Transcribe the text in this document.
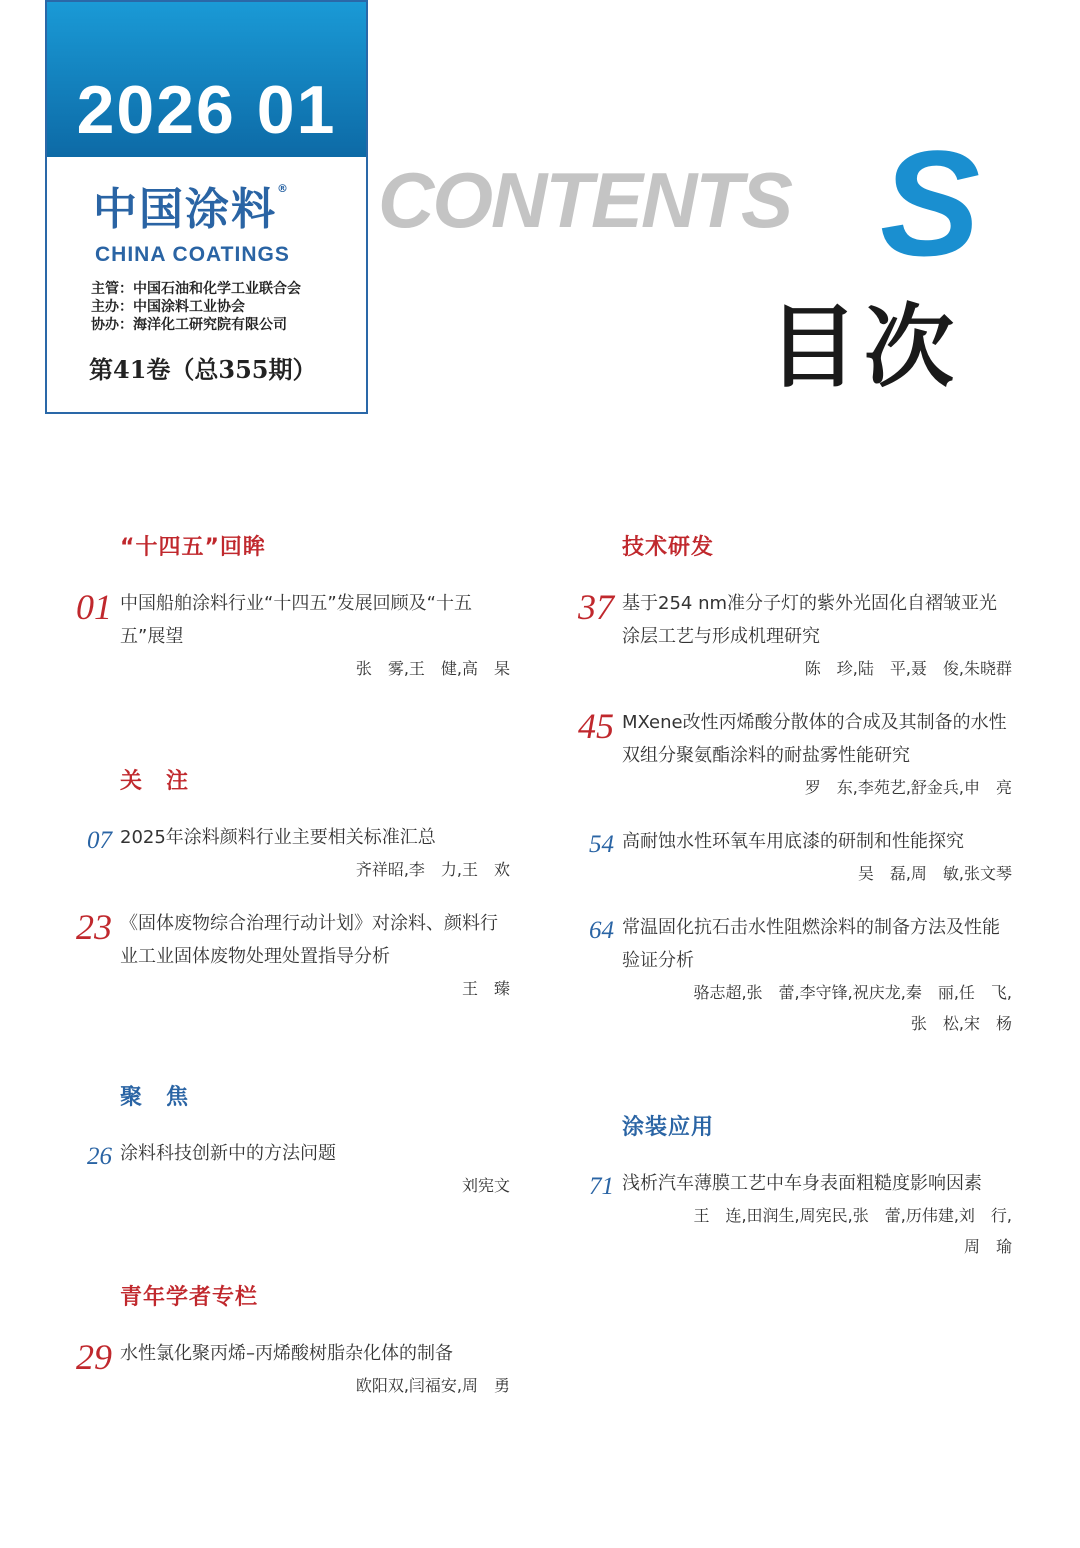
CONTENTS S
目次
2026 01
中国涂料®
CHINA COATINGS
主管：中国石油和化学工业联合会
主办：中国涂料工业协会
协办：海洋化工研究院有限公司
第41卷（总355期）
“十四五”回眸
01 中国船舶涂料行业“十四五”发展回顾及“十五五”展望
张　雾,王　健,高　杲
关　注
07 2025年涂料颜料行业主要相关标准汇总
齐祥昭,李　力,王　欢
23 《固体废物综合治理行动计划》对涂料、颜料行业工业固体废物处理处置指导分析
王　臻
聚　焦
26 涂料科技创新中的方法问题
刘宪文
青年学者专栏
29 水性氯化聚丙烯–丙烯酸树脂杂化体的制备
欧阳双,闫福安,周　勇
技术研发
37 基于254 nm准分子灯的紫外光固化自褶皱亚光涂层工艺与形成机理研究
陈　珍,陆　平,聂　俊,朱晓群
45 MXene改性丙烯酸分散体的合成及其制备的水性双组分聚氨酯涂料的耐盐雾性能研究
罗　东,李苑艺,舒金兵,申　亮
54 高耐蚀水性环氧车用底漆的研制和性能探究
吴　磊,周　敏,张文琴
64 常温固化抗石击水性阻燃涂料的制备方法及性能验证分析
骆志超,张　蕾,李守锋,祝庆龙,秦　丽,任　飞,
张　松,宋　杨
涂装应用
71 浅析汽车薄膜工艺中车身表面粗糙度影响因素
王　连,田润生,周宪民,张　蕾,历伟建,刘　行,
周　瑜
